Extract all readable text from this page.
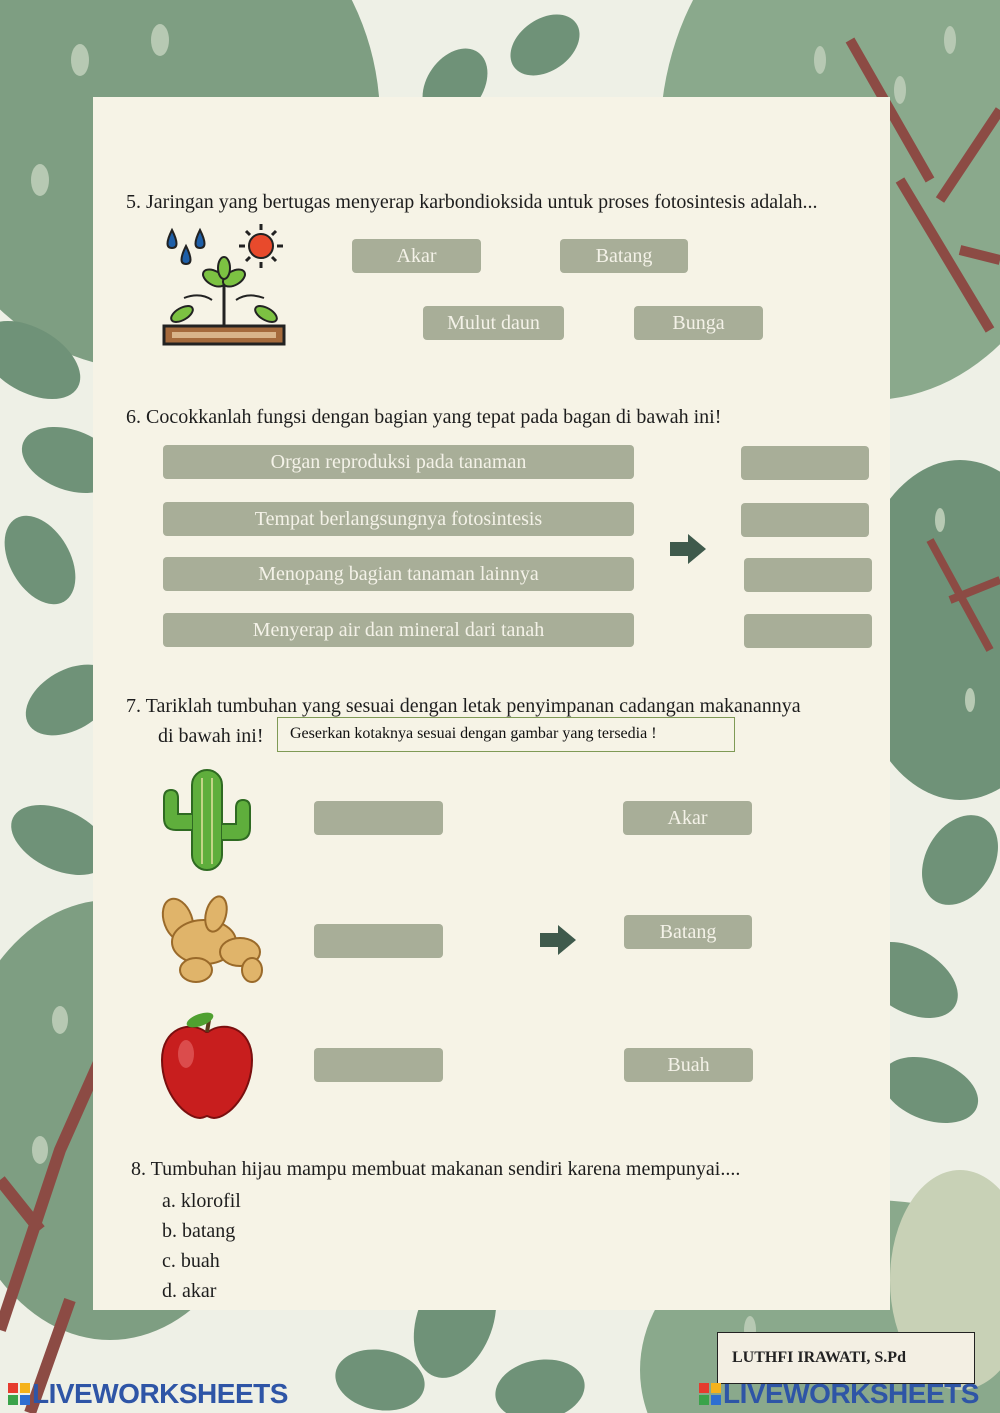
5. Jaringan yang bertugas menyerap karbondioksida untuk proses fotosintesis adalah...
Akar	Batang
Mulut daun	Bunga
6. Cocokkanlah fungsi dengan bagian yang tepat pada bagan di bawah ini!
Organ reproduksi pada tanaman
Tempat berlangsungnya fotosintesis
Menopang bagian tanaman lainnya
Menyerap air dan mineral dari tanah
7. Tariklah tumbuhan yang sesuai dengan letak penyimpanan cadangan makanannya
di bawah ini!	Geserkan kotaknya sesuai dengan gambar yang tersedia !
Akar
Batang
Buah
8. Tumbuhan hijau mampu membuat makanan sendiri karena mempunyai....
a. klorofil
b. batang
c. buah
d. akar
LUTHFI IRAWATI, S.Pd
LIVEWORKSHEETS	LIVEWORKSHEETS
